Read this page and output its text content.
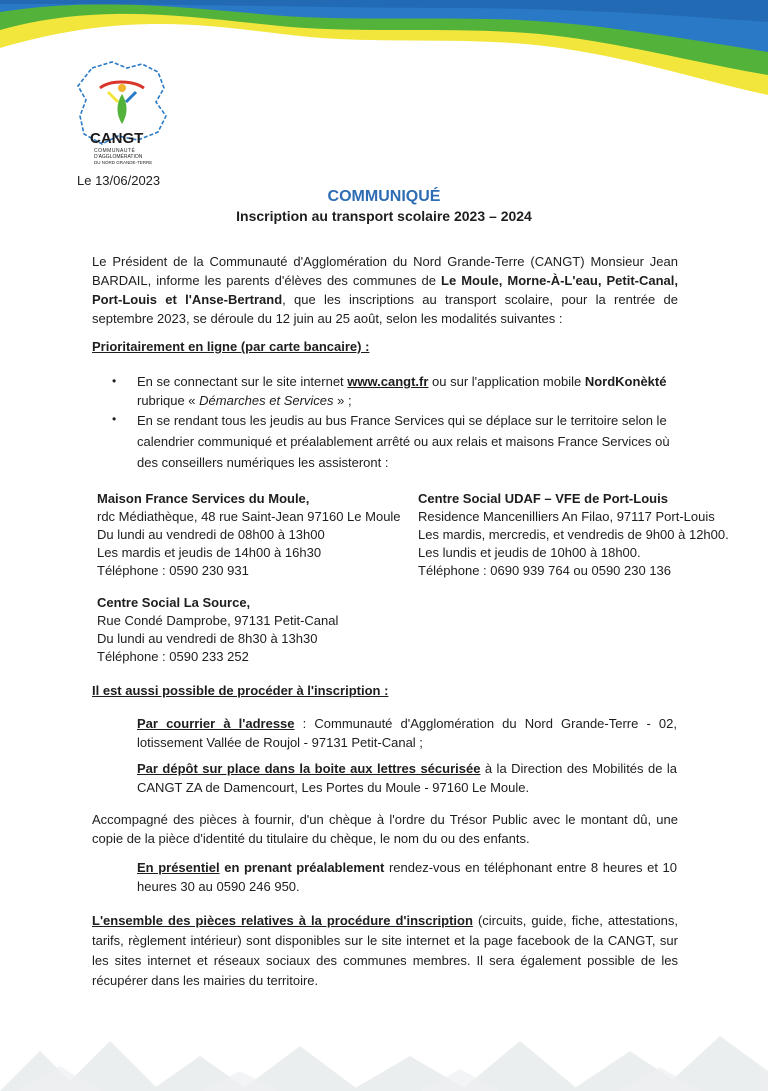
CANGT
COMMUNAUTÉ
D'AGGLOMÉRATION
DU NORD GRANDE-TERRE
Le 13/06/2023
COMMUNIQUÉ
Inscription au transport scolaire 2023 – 2024
Le Président de la Communauté d'Agglomération du Nord Grande-Terre (CANGT) Monsieur Jean BARDAIL, informe les parents d'élèves des communes de Le Moule, Morne-À-L'eau, Petit-Canal, Port-Louis et l'Anse-Bertrand, que les inscriptions au transport scolaire, pour la rentrée de septembre 2023, se déroule du 12 juin au 25 août, selon les modalités suivantes :
Prioritairement en ligne (par carte bancaire) :
• En se connectant sur le site internet www.cangt.fr ou sur l'application mobile NordKonèkté
rubrique « Démarches et Services » ;
• En se rendant tous les jeudis au bus France Services qui se déplace sur le territoire selon le calendrier communiqué et préalablement arrêté ou aux relais et maisons France Services où des conseillers numériques les assisteront :
Maison France Services du Moule,
rdc Médiathèque, 48 rue Saint-Jean 97160 Le Moule
Du lundi au vendredi de 08h00 à 13h00
Les mardis et jeudis de 14h00 à 16h30
Téléphone : 0590 230 931
Centre Social UDAF – VFE de Port-Louis
Residence Mancenilliers An Filao, 97117 Port-Louis
Les mardis, mercredis, et vendredis de 9h00 à 12h00.
Les lundis et jeudis de 10h00 à 18h00.
Téléphone : 0690 939 764 ou 0590 230 136
Centre Social La Source,
Rue Condé Damprobe, 97131 Petit-Canal
Du lundi au vendredi de 8h30 à 13h30
Téléphone : 0590 233 252
Il est aussi possible de procéder à l'inscription :
Par courrier à l'adresse : Communauté d'Agglomération du Nord Grande-Terre - 02, lotissement Vallée de Roujol - 97131 Petit-Canal ;
Par dépôt sur place dans la boite aux lettres sécurisée à la Direction des Mobilités de la CANGT ZA de Damencourt, Les Portes du Moule - 97160 Le Moule.
Accompagné des pièces à fournir, d'un chèque à l'ordre du Trésor Public avec le montant dû, une copie de la pièce d'identité du titulaire du chèque, le nom du ou des enfants.
En présentiel en prenant préalablement rendez-vous en téléphonant entre 8 heures et 10 heures 30 au 0590 246 950.
L'ensemble des pièces relatives à la procédure d'inscription (circuits, guide, fiche, attestations, tarifs, règlement intérieur) sont disponibles sur le site internet et la page facebook de la CANGT, sur les sites internet et réseaux sociaux des communes membres. Il sera également possible de les récupérer dans les mairies du territoire.
